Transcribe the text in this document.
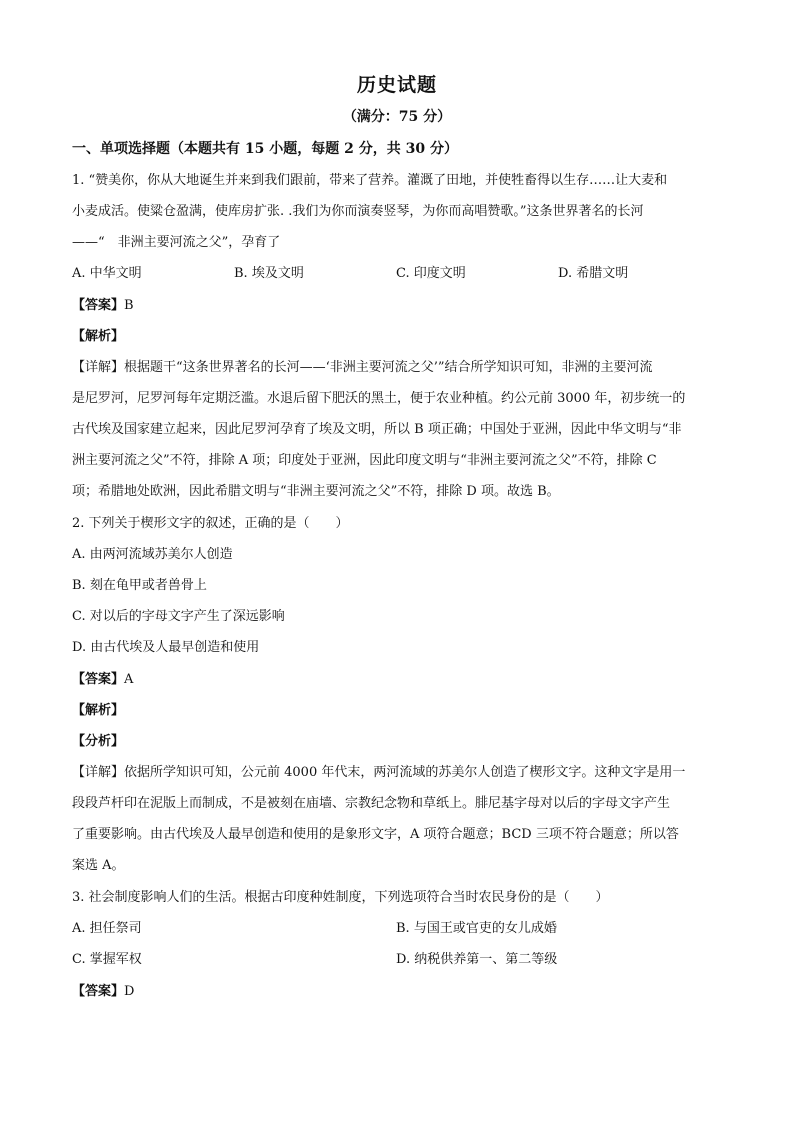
历史试题
（满分：75 分）
一、单项选择题（本题共有 15 小题，每题 2 分，共 30 分）
1. “赞美你，你从大地诞生并来到我们跟前，带来了营养。灌溉了田地，并使牲畜得以生存……让大麦和
小麦成活。使粱仓盈满，使库房扩张. .我们为你而演奏竖琴，为你而高唱赞歌。”这条世界著名的长河
——“　非洲主要河流之父”，孕育了
A. 中华文明	B. 埃及文明	C. 印度文明	D. 希腊文明
【答案】B
【解析】
【详解】根据题干“这条世界著名的长河——‘非洲主要河流之父’”结合所学知识可知，非洲的主要河流
是尼罗河，尼罗河每年定期泛滥。水退后留下肥沃的黑土，便于农业种植。约公元前 3000 年，初步统一的
古代埃及国家建立起来，因此尼罗河孕育了埃及文明，所以 B 项正确；中国处于亚洲，因此中华文明与“非
洲主要河流之父”不符，排除 A 项；印度处于亚洲，因此印度文明与“非洲主要河流之父”不符，排除 C
项；希腊地处欧洲，因此希腊文明与“非洲主要河流之父”不符，排除 D 项。故选 B。
2. 下列关于楔形文字的叙述，正确的是（　　）
A. 由两河流域苏美尔人创造
B. 刻在龟甲或者兽骨上
C. 对以后的字母文字产生了深远影响
D. 由古代埃及人最早创造和使用
【答案】A
【解析】
【分析】
【详解】依据所学知识可知，公元前 4000 年代末，两河流域的苏美尔人创造了楔形文字。这种文字是用一
段段芦杆印在泥版上而制成，不是被刻在庙墙、宗教纪念物和草纸上。腓尼基字母对以后的字母文字产生
了重要影响。由古代埃及人最早创造和使用的是象形文字，A 项符合题意；BCD 三项不符合题意；所以答
案选 A。
3. 社会制度影响人们的生活。根据古印度种姓制度，下列选项符合当时农民身份的是（　　）
A. 担任祭司	B. 与国王或官吏的女儿成婚
C. 掌握军权	D. 纳税供养第一、第二等级
【答案】D
